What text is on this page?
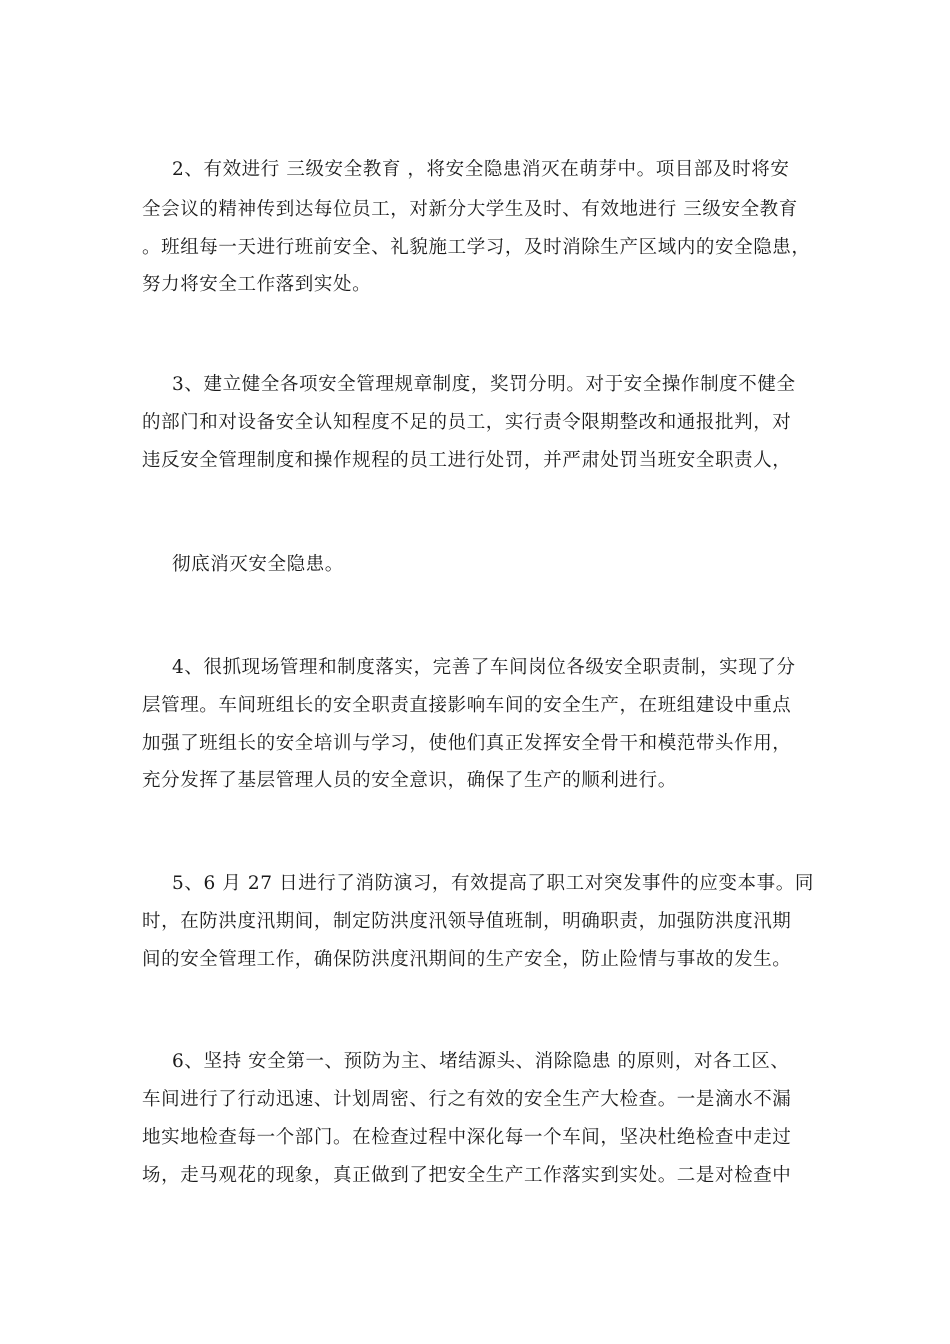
2、有效进行 三级安全教育 ，将安全隐患消灭在萌芽中。项目部及时将安
全会议的精神传到达每位员工，对新分大学生及时、有效地进行 三级安全教育
。班组每一天进行班前安全、礼貌施工学习，及时消除生产区域内的安全隐患，
努力将安全工作落到实处。
3、建立健全各项安全管理规章制度，奖罚分明。对于安全操作制度不健全
的部门和对设备安全认知程度不足的员工，实行责令限期整改和通报批判，对
违反安全管理制度和操作规程的员工进行处罚，并严肃处罚当班安全职责人，
彻底消灭安全隐患。
4、很抓现场管理和制度落实，完善了车间岗位各级安全职责制，实现了分
层管理。车间班组长的安全职责直接影响车间的安全生产，在班组建设中重点
加强了班组长的安全培训与学习，使他们真正发挥安全骨干和模范带头作用，
充分发挥了基层管理人员的安全意识，确保了生产的顺利进行。
5、6 月 27 日进行了消防演习，有效提高了职工对突发事件的应变本事。同
时，在防洪度汛期间，制定防洪度汛领导值班制，明确职责，加强防洪度汛期
间的安全管理工作，确保防洪度汛期间的生产安全，防止险情与事故的发生。
6、坚持 安全第一、预防为主、堵结源头、消除隐患 的原则，对各工区、
车间进行了行动迅速、计划周密、行之有效的安全生产大检查。一是滴水不漏
地实地检查每一个部门。在检查过程中深化每一个车间，坚决杜绝检查中走过
场，走马观花的现象，真正做到了把安全生产工作落实到实处。二是对检查中
